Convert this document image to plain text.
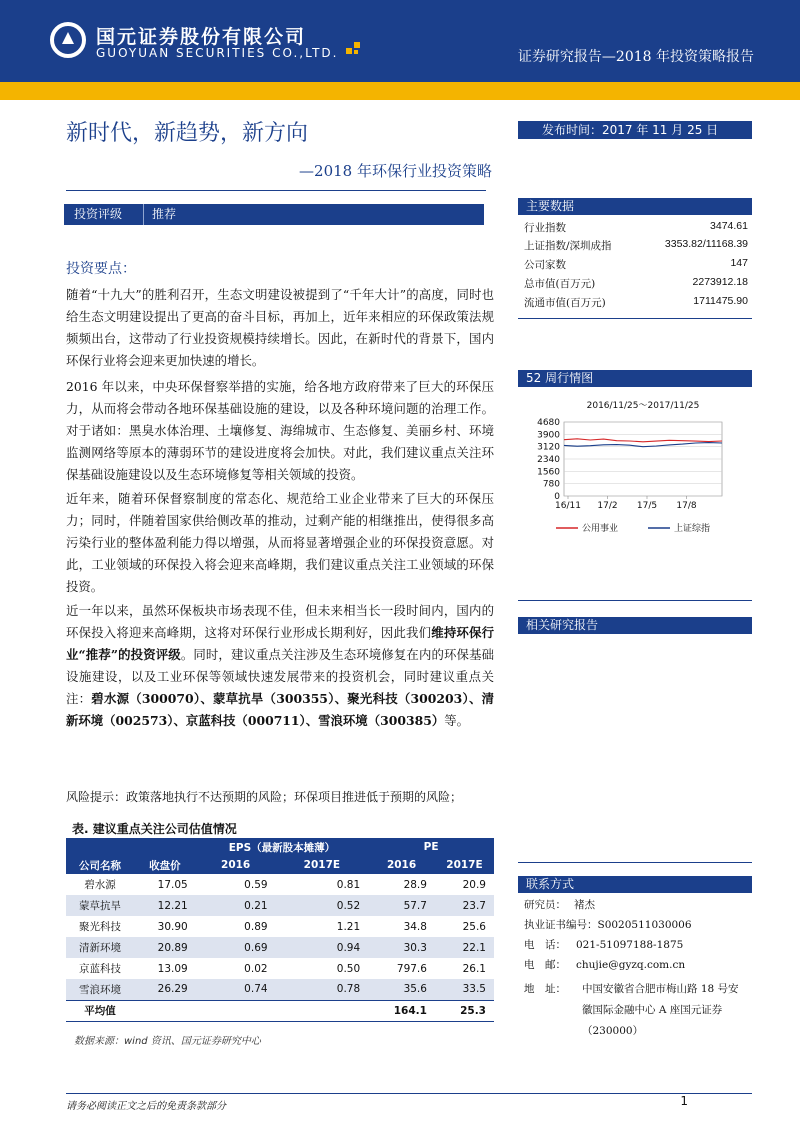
国元证券股份有限公司
GUOYUAN SECURITIES CO.,LTD.	证券研究报告—2018 年投资策略报告
新时代，新趋势，新方向
—2018 年环保行业投资策略
发布时间：2017 年 11 月 25 日
投资评级 推荐
投资要点：
随着“十九大”的胜利召开，生态文明建设被提到了“千年大计”的高度，同时也给生态文明建设提出了更高的奋斗目标，再加上，近年来相应的环保政策法规频频出台，这带动了行业投资规模持续增长。因此，在新时代的背景下，国内环保行业将会迎来更加快速的增长。
2016 年以来，中央环保督察举措的实施，给各地方政府带来了巨大的环保压力，从而将会带动各地环保基础设施的建设，以及各种环境问题的治理工作。对于诸如：黑臭水体治理、土壤修复、海绵城市、生态修复、美丽乡村、环境监测网络等原本的薄弱环节的建设进度将会加快。对此，我们建议重点关注环保基础设施建设以及生态环境修复等相关领域的投资。
近年来，随着环保督察制度的常态化、规范给工业企业带来了巨大的环保压力；同时，伴随着国家供给侧改革的推动，过剩产能的相继推出，使得很多高污染行业的整体盈利能力得以增强，从而将显著增强企业的环保投资意愿。对此，工业领域的环保投入将会迎来高峰期，我们建议重点关注工业领域的环保投资。
近一年以来，虽然环保板块市场表现不佳，但未来相当长一段时间内，国内的环保投入将迎来高峰期，这将对环保行业形成长期利好，因此我们维持环保行业“推荐”的投资评级。同时，建议重点关注涉及生态环境修复在内的环保基础设施建设，以及工业环保等领域快速发展带来的投资机会，同时建议重点关注：碧水源（300070）、蒙草抗旱（300355）、聚光科技（300203）、清新环境（002573）、京蓝科技（000711）、雪浪环境（300385）等。
风险提示：政策落地执行不达预期的风险；环保项目推进低于预期的风险；
表. 建议重点关注公司估值情况
		EPS（最新股本摊薄）		PE	
公司名称	收盘价	2016	2017E	2016	2017E
碧水源	17.05	0.59	0.81	28.9	20.9
蒙草抗旱	12.21	0.21	0.52	57.7	23.7
聚光科技	30.90	0.89	1.21	34.8	25.6
清新环境	20.89	0.69	0.94	30.3	22.1
京蓝科技	13.09	0.02	0.50	797.6	26.1
雪浪环境	26.29	0.74	0.78	35.6	33.5
平均值				164.1	25.3
数据来源：wind 资讯、国元证券研究中心
主要数据
行业指数	3474.61
上证指数/深圳成指	3353.82/11168.39
公司家数	147
总市值(百万元)	2273912.18
流通市值(百万元)	1711475.90
52 周行情图
2016/11/25～2017/11/25
0
780
1560
2340
3120
3900
4680
16/11 17/2 17/5 17/8
公用事业	上证综指
相关研究报告
联系方式
研究员： 褚杰
执业证书编号：S0020511030006
电　话： 021-51097188-1875
电　邮： chujie@gyzq.com.cn
地　址：	中国安徽省合肥市梅山路 18 号安
徽国际金融中心 A 座国元证券
（230000）
请务必阅读正文之后的免责条款部分	1
